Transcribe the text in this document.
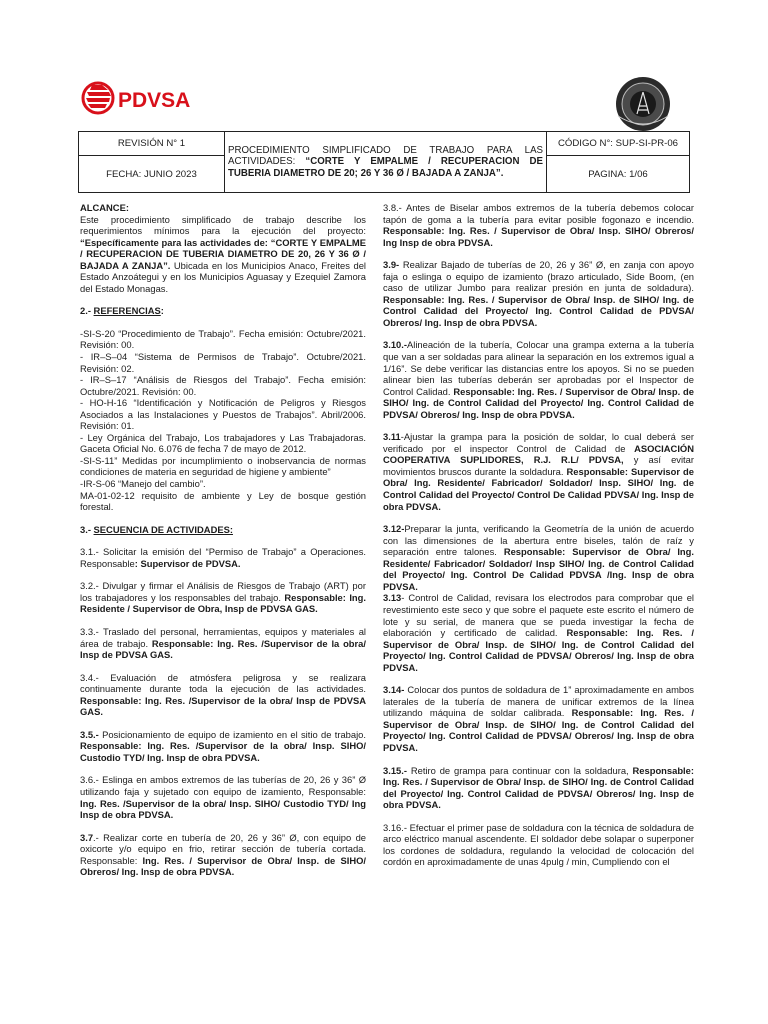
PDVSA
REVISIÓN N° 1	PROCEDIMIENTO SIMPLIFICADO DE TRABAJO PARA LAS ACTIVIDADES: “CORTE Y EMPALME / RECUPERACION DE TUBERIA DIAMETRO DE 20; 26 Y 36 Ø / BAJADA A ZANJA”.	CÓDIGO N°: SUP-SI-PR-06
FECHA: JUNIO 2023		PAGINA: 1/06
ALCANCE:

Este procedimiento simplificado de trabajo describe los requerimientos mínimos para la ejecución del proyecto: “Específicamente para las actividades de: “CORTE Y EMPALME / RECUPERACION DE TUBERIA DIAMETRO DE 20, 26 Y 36 Ø / BAJADA A ZANJA”. Ubicada en los Municipios Anaco, Freites del Estado Anzoátegui y en los Municipios Aguasay y Ezequiel Zamora del Estado Monagas.

2.- REFERENCIAS:

-SI-S-20 “Procedimiento de Trabajo”. Fecha emisión: Octubre/2021. Revisión: 00.

- IR–S–04 “Sistema de Permisos de Trabajo”. Octubre/2021. Revisión: 02.

- IR–S–17 “Análisis de Riesgos del Trabajo”. Fecha emisión: Octubre/2021. Revisión: 00.

- HO-H-16 “Identificación y Notificación de Peligros y Riesgos Asociados a las Instalaciones y Puestos de Trabajos”. Abril/2006. Revisión: 01.

- Ley Orgánica del Trabajo, Los trabajadores y Las Trabajadoras. Gaceta Oficial No. 6.076 de fecha 7 de mayo de 2012.

-SI-S-11” Medidas por incumplimiento o inobservancia de normas condiciones de materia en seguridad de higiene y ambiente”

-IR-S-06 “Manejo del cambio”.

MA-01-02-12 requisito de ambiente y Ley de bosque gestión forestal.

3.- SECUENCIA DE ACTIVIDADES:

3.1.- Solicitar la emisión del “Permiso de Trabajo” a Operaciones. Responsable: Supervisor de PDVSA.

3.2.- Divulgar y firmar el Análisis de Riesgos de Trabajo (ART) por los trabajadores y los responsables del trabajo. Responsable: Ing. Residente / Supervisor de Obra, Insp de PDVSA GAS.

3.3.- Traslado del personal, herramientas, equipos y materiales al área de trabajo. Responsable: Ing. Res. /Supervisor de la obra/ Insp de PDVSA GAS.

3.4.- Evaluación de atmósfera peligrosa y se realizara continuamente durante toda la ejecución de las actividades. Responsable: Ing. Res. /Supervisor de la obra/ Insp de PDVSA GAS.

3.5.- Posicionamiento de equipo de izamiento en el sitio de trabajo. Responsable: Ing. Res. /Supervisor de la obra/ Insp. SIHO/ Custodio TYD/ Ing. Insp de obra PDVSA.

3.6.- Eslinga en ambos extremos de las tuberías de 20, 26 y 36” Ø utilizando faja y sujetado con equipo de izamiento, Responsable: Ing. Res. /Supervisor de la obra/ Insp. SIHO/ Custodio TYD/ Ing Insp de obra PDVSA.

3.7.- Realizar corte en tubería de 20, 26 y 36” Ø, con equipo de oxicorte y/o equipo en frio, retirar sección de tubería cortada. Responsable: Ing. Res. / Supervisor de Obra/ Insp. de SIHO/ Obreros/ Ing. Insp de obra PDVSA.

3.8.- Antes de Biselar ambos extremos de la tubería debemos colocar tapón de goma a la tubería para evitar posible fogonazo e incendio. Responsable: Ing. Res. / Supervisor de Obra/ Insp. SIHO/ Obreros/ Ing Insp de obra PDVSA.

3.9- Realizar Bajado de tuberías de 20, 26 y 36” Ø, en zanja con apoyo faja o eslinga o equipo de izamiento (brazo articulado, Side Boom, (en caso de utilizar Jumbo para realizar presión en junta de soldadura). Responsable: Ing. Res. / Supervisor de Obra/ Insp. de SIHO/ Ing. de Control Calidad del Proyecto/ Ing. Control Calidad de PDVSA/ Obreros/ Ing. Insp de obra PDVSA.

3.10.-Alineación de la tubería, Colocar una grampa externa a la tubería que van a ser soldadas para alinear la separación en los extremos igual a 1/16”. Se debe verificar las distancias entre los apoyos. Si no se pueden alinear bien las tuberías deberán ser aprobadas por el Inspector de Control Calidad. Responsable: Ing. Res. / Supervisor de Obra/ Insp. de SIHO/ Ing. de Control Calidad del Proyecto/ Ing. Control Calidad de PDVSA/ Obreros/ Ing. Insp de obra PDVSA.

3.11-Ajustar la grampa para la posición de soldar, lo cual deberá ser verificado por el inspector Control de Calidad de ASOCIACIÓN COOPERATIVA SUPLIDORES, R.J. R.L/ PDVSA, y así evitar movimientos bruscos durante la soldadura. Responsable: Supervisor de Obra/ Ing. Residente/ Fabricador/ Soldador/ Insp. SIHO/ Ing. de Control Calidad del Proyecto/ Control De Calidad PDVSA/ Ing. Insp de obra PDVSA.

3.12-Preparar la junta, verificando la Geometría de la unión de acuerdo con las dimensiones de la abertura entre biseles, talón de raíz y separación entre talones. Responsable: Supervisor de Obra/ Ing. Residente/ Fabricador/ Soldador/ Insp SIHO/ Ing. de Control Calidad del Proyecto/ Ing. Control De Calidad PDVSA /Ing. Insp de obra PDVSA.

3.13- Control de Calidad, revisara los electrodos para comprobar que el revestimiento este seco y que sobre el paquete este escrito el número de lote y su serial, de manera que se pueda investigar la fecha de elaboración y certificado de calidad. Responsable: Ing. Res. / Supervisor de Obra/ Insp. de SIHO/ Ing. de Control Calidad del Proyecto/ Ing. Control Calidad de PDVSA/ Obreros/ Ing. Insp de obra PDVSA.

3.14- Colocar dos puntos de soldadura de 1” aproximadamente en ambos laterales de la tubería de manera de unificar extremos de la línea utilizando máquina de soldar calibrada. Responsable: Ing. Res. / Supervisor de Obra/ Insp. de SIHO/ Ing. de Control Calidad del Proyecto/ Ing. Control Calidad de PDVSA/ Obreros/ Ing. Insp de obra PDVSA.

3.15.- Retiro de grampa para continuar con la soldadura, Responsable: Ing. Res. / Supervisor de Obra/ Insp. de SIHO/ Ing. de Control Calidad del Proyecto/ Ing. Control Calidad de PDVSA/ Obreros/ Ing. Insp de obra PDVSA.

3.16.- Efectuar el primer pase de soldadura con la técnica de soldadura de arco eléctrico manual ascendente. El soldador debe solapar o superponer los cordones de soldadura, regulando la velocidad de colocación del cordón en aproximadamente de unas 4pulg / min, Cumpliendo con el
